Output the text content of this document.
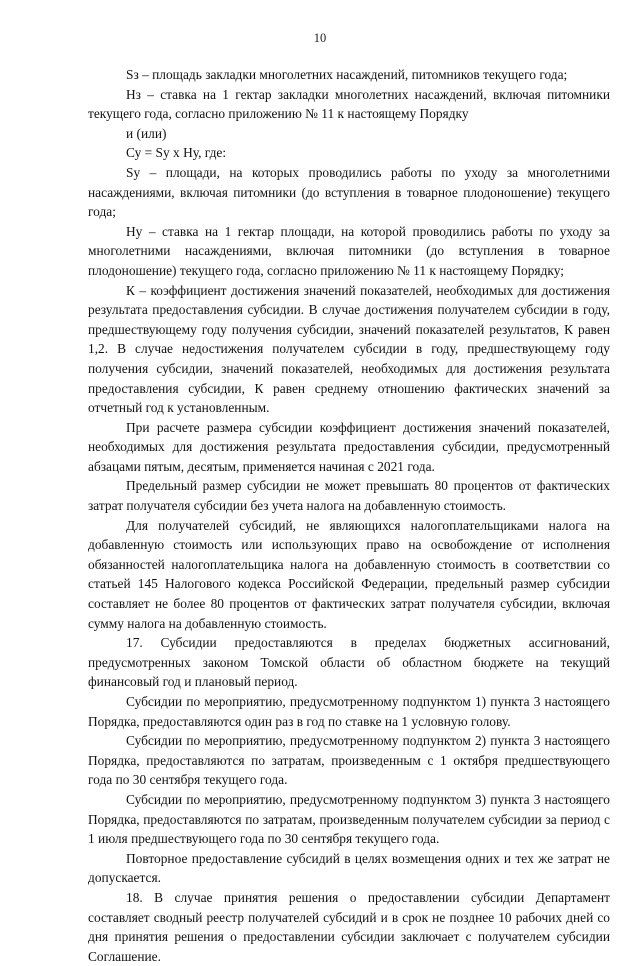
10

Sз – площадь закладки многолетних насаждений, питомников текущего года;

Нз – ставка на 1 гектар закладки многолетних насаждений, включая питомники текущего года, согласно приложению № 11 к настоящему Порядку

и (или)

Су = Sу х Ну, где:

Sу – площади, на которых проводились работы по уходу за многолетними насаждениями, включая питомники (до вступления в товарное плодоношение) текущего года;

Ну – ставка на 1 гектар площади, на которой проводились работы по уходу за многолетними насаждениями, включая питомники (до вступления в товарное плодоношение) текущего года, согласно приложению № 11 к настоящему Порядку;

К – коэффициент достижения значений показателей, необходимых для достижения результата предоставления субсидии. В случае достижения получателем субсидии в году, предшествующему году получения субсидии, значений показателей результатов, К равен 1,2. В случае недостижения получателем субсидии в году, предшествующему году получения субсидии, значений показателей, необходимых для достижения результата предоставления субсидии, К равен среднему отношению фактических значений за отчетный год к установленным.

При расчете размера субсидии коэффициент достижения значений показателей, необходимых для достижения результата предоставления субсидии, предусмотренный абзацами пятым, десятым, применяется начиная с 2021 года.

Предельный размер субсидии не может превышать 80 процентов от фактических затрат получателя субсидии без учета налога на добавленную стоимость.

Для получателей субсидий, не являющихся налогоплательщиками налога на добавленную стоимость или использующих право на освобождение от исполнения обязанностей налогоплательщика налога на добавленную стоимость в соответствии со статьей 145 Налогового кодекса Российской Федерации, предельный размер субсидии составляет не более 80 процентов от фактических затрат получателя субсидии, включая сумму налога на добавленную стоимость.

17. Субсидии предоставляются в пределах бюджетных ассигнований, предусмотренных законом Томской области об областном бюджете на текущий финансовый год и плановый период.

Субсидии по мероприятию, предусмотренному подпунктом 1) пункта 3 настоящего Порядка, предоставляются один раз в год по ставке на 1 условную голову.

Субсидии по мероприятию, предусмотренному подпунктом 2) пункта 3 настоящего Порядка, предоставляются по затратам, произведенным с 1 октября предшествующего года по 30 сентября текущего года.

Субсидии по мероприятию, предусмотренному подпунктом 3) пункта 3 настоящего Порядка, предоставляются по затратам, произведенным получателем субсидии за период с 1 июля предшествующего года по 30 сентября текущего года.

Повторное предоставление субсидий в целях возмещения одних и тех же затрат не допускается.

18. В случае принятия решения о предоставлении субсидии Департамент составляет сводный реестр получателей субсидий и в срок не позднее 10 рабочих дней со дня принятия решения о предоставлении субсидии заключает с получателем субсидии Соглашение.
